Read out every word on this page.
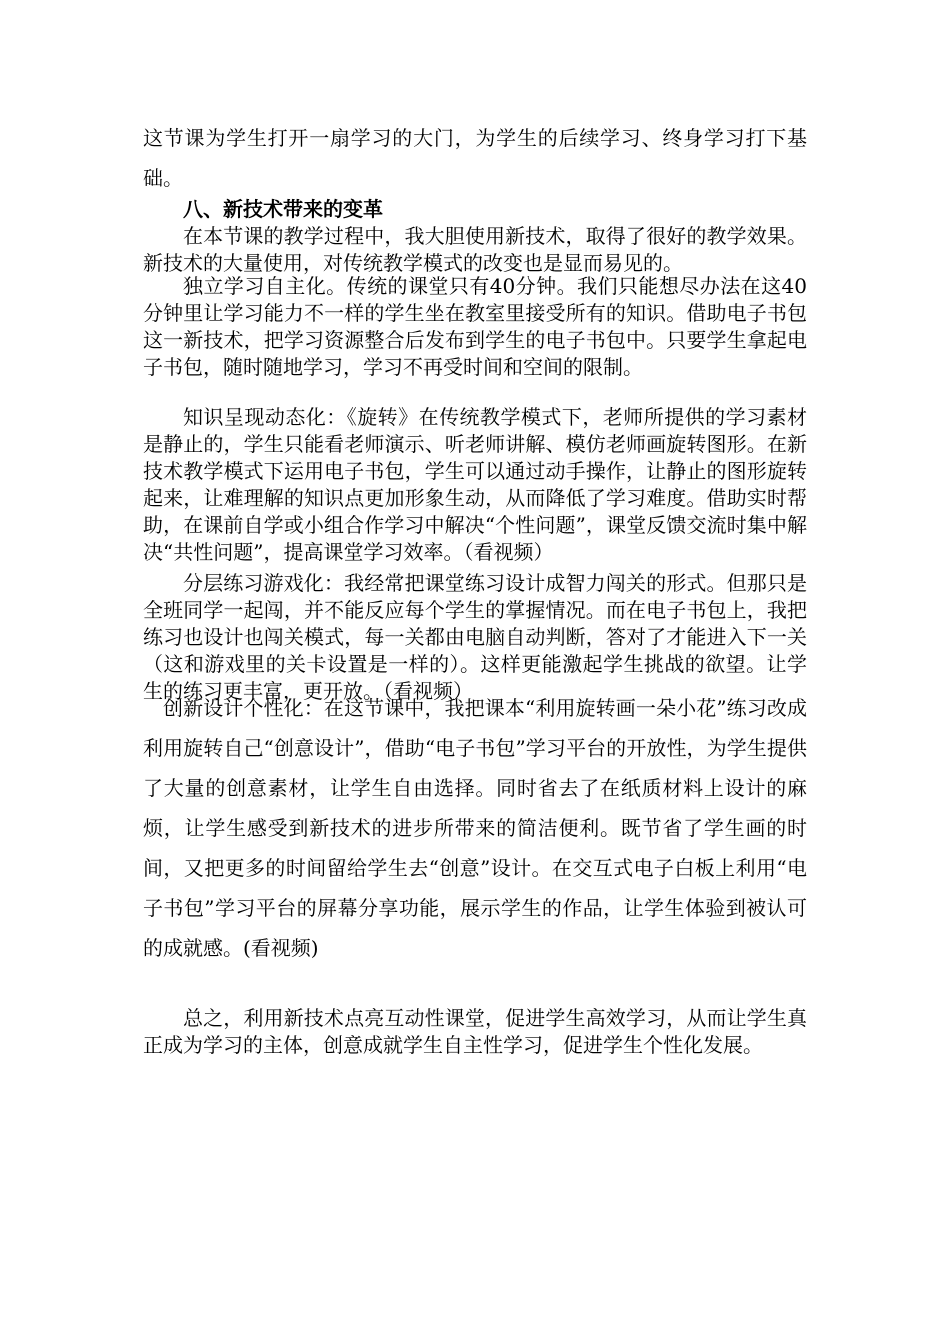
这节课为学生打开一扇学习的大门，为学生的后续学习、终身学习打下基础。

八、新技术带来的变革

在本节课的教学过程中，我大胆使用新技术，取得了很好的教学效果。新技术的大量使用，对传统教学模式的改变也是显而易见的。

独立学习自主化。传统的课堂只有40分钟。我们只能想尽办法在这40分钟里让学习能力不一样的学生坐在教室里接受所有的知识。借助电子书包这一新技术，把学习资源整合后发布到学生的电子书包中。只要学生拿起电子书包，随时随地学习，学习不再受时间和空间的限制。

知识呈现动态化：《旋转》在传统教学模式下，老师所提供的学习素材是静止的，学生只能看老师演示、听老师讲解、模仿老师画旋转图形。在新技术教学模式下运用电子书包，学生可以通过动手操作，让静止的图形旋转起来，让难理解的知识点更加形象生动，从而降低了学习难度。借助实时帮助，在课前自学或小组合作学习中解决“个性问题”，课堂反馈交流时集中解决“共性问题”，提高课堂学习效率。（看视频）

分层练习游戏化：我经常把课堂练习设计成智力闯关的形式。但那只是全班同学一起闯，并不能反应每个学生的掌握情况。而在电子书包上，我把练习也设计也闯关模式，每一关都由电脑自动判断，答对了才能进入下一关（这和游戏里的关卡设置是一样的）。这样更能激起学生挑战的欲望。让学生的练习更丰富，更开放。（看视频）

创新设计个性化：在这节课中，我把课本“利用旋转画一朵小花”练习改成利用旋转自己“创意设计”，借助“电子书包”学习平台的开放性，为学生提供了大量的创意素材，让学生自由选择。同时省去了在纸质材料上设计的麻烦，让学生感受到新技术的进步所带来的简洁便利。既节省了学生画的时间，又把更多的时间留给学生去“创意”设计。在交互式电子白板上利用“电子书包”学习平台的屏幕分享功能，展示学生的作品，让学生体验到被认可的成就感。(看视频)

总之，利用新技术点亮互动性课堂，促进学生高效学习，从而让学生真正成为学习的主体，创意成就学生自主性学习，促进学生个性化发展。
